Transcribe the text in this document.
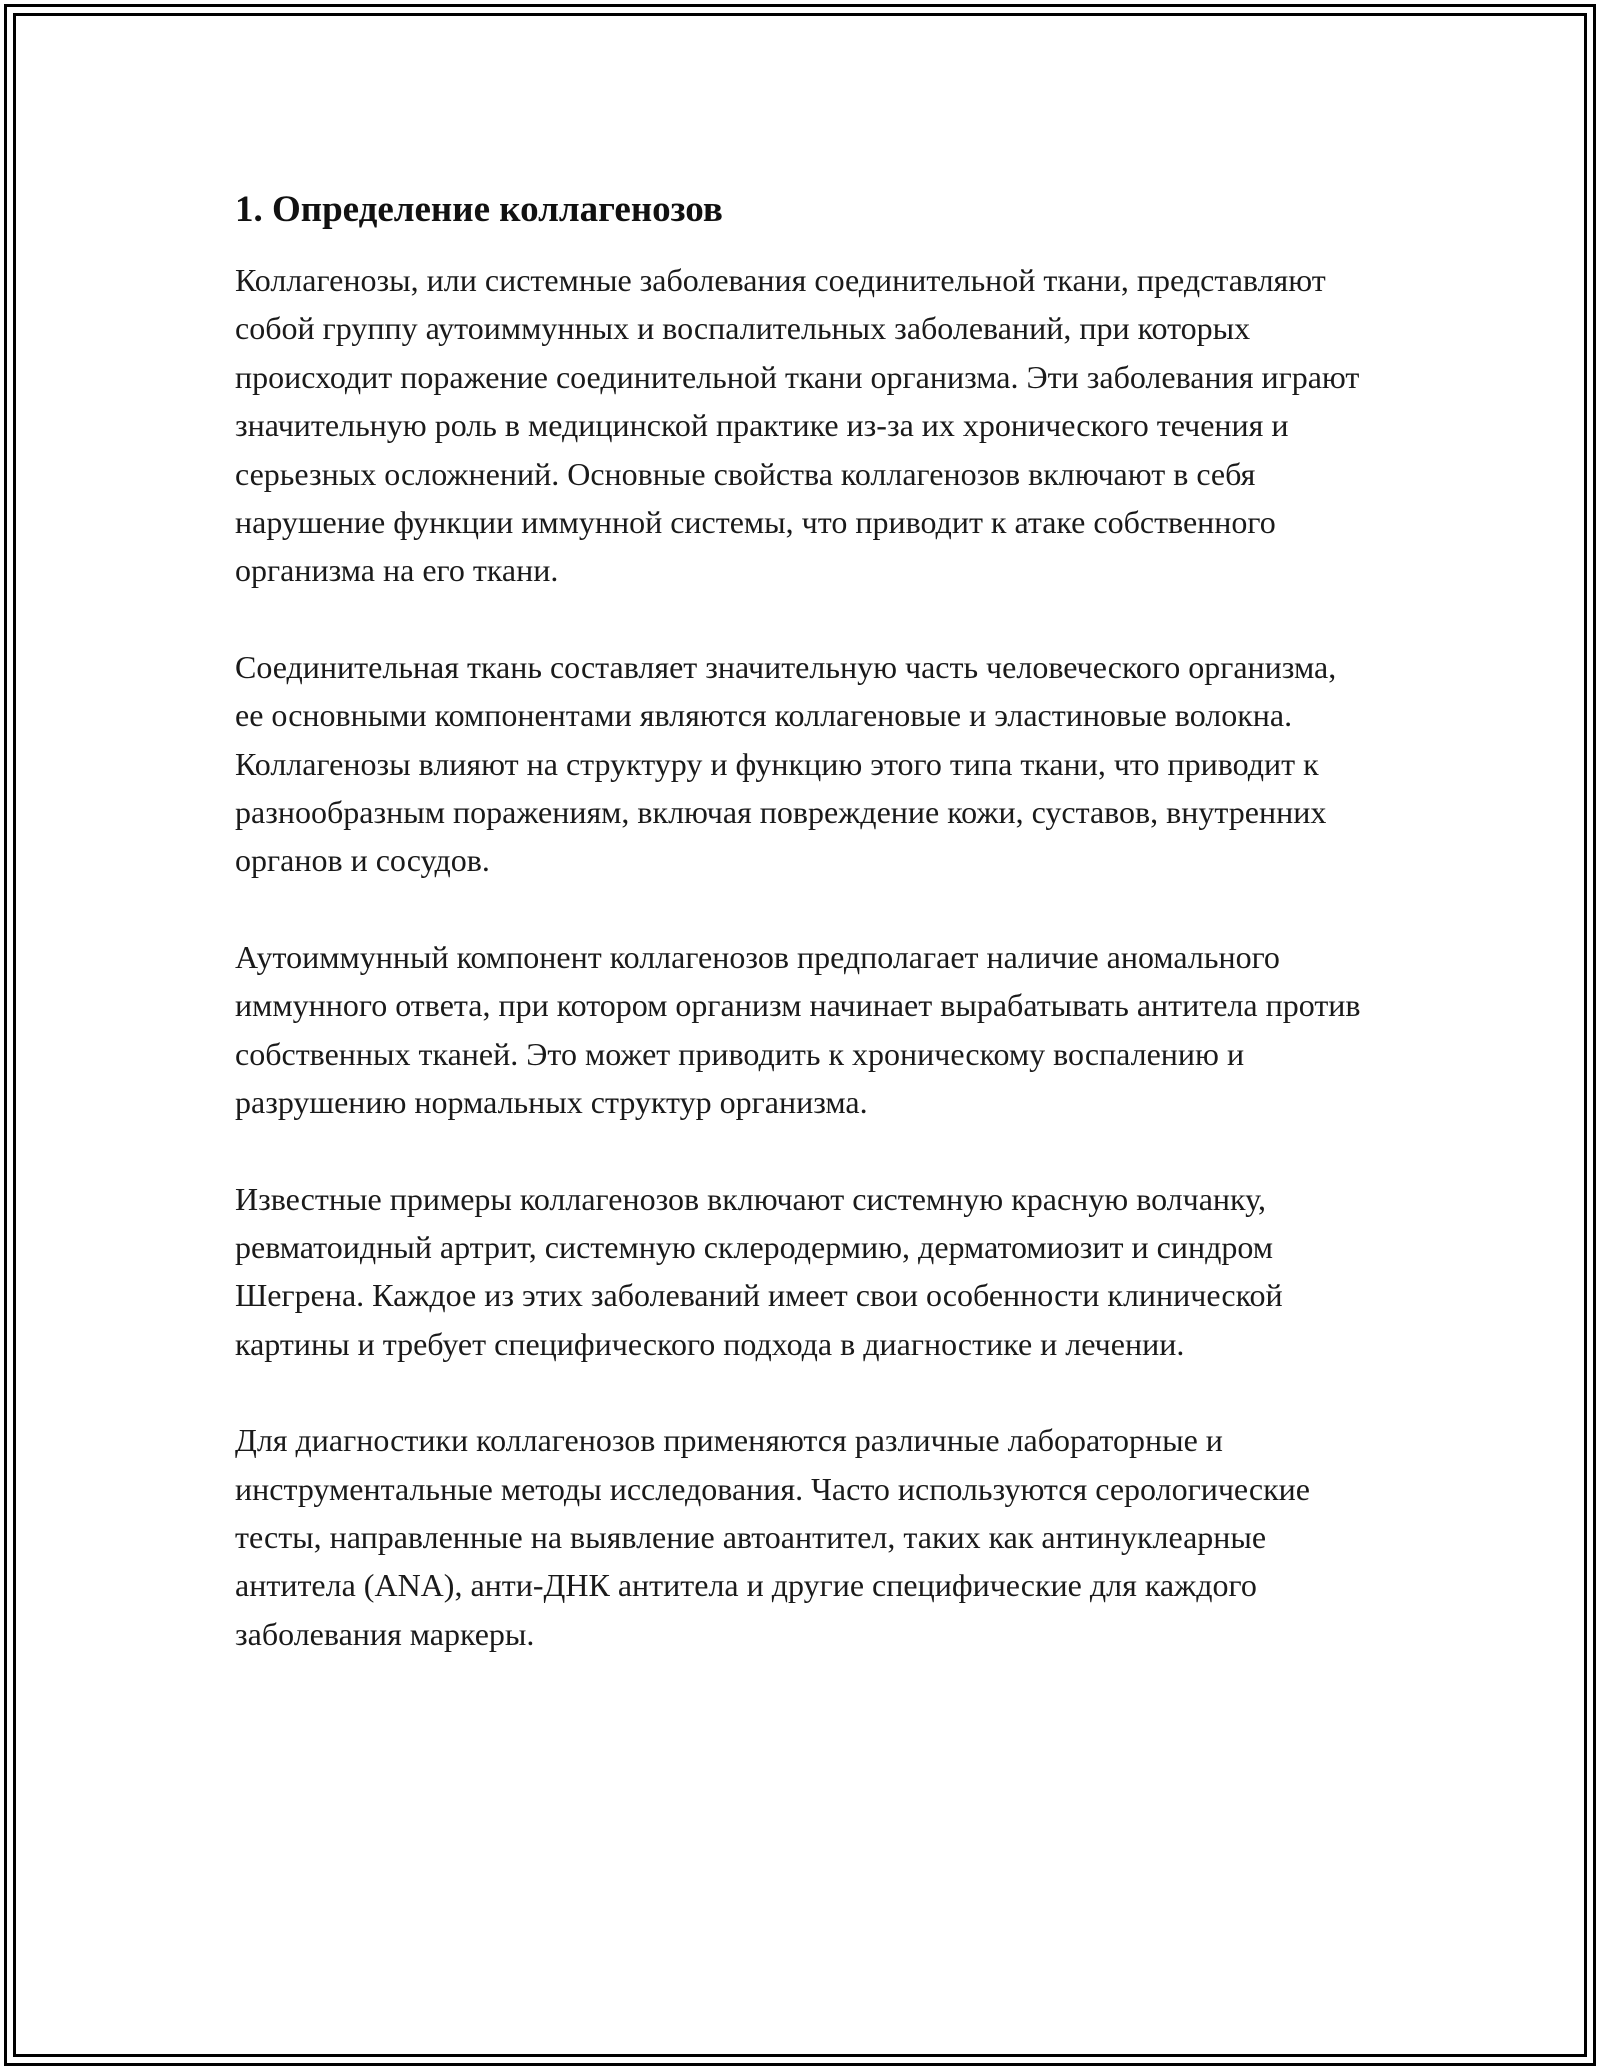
1. Определение коллагенозов

Коллагенозы, или системные заболевания соединительной ткани, представляют собой группу аутоиммунных и воспалительных заболеваний, при которых происходит поражение соединительной ткани организма. Эти заболевания играют значительную роль в медицинской практике из-за их хронического течения и серьезных осложнений. Основные свойства коллагенозов включают в себя нарушение функции иммунной системы, что приводит к атаке собственного организма на его ткани.

Соединительная ткань составляет значительную часть человеческого организма, ее основными компонентами являются коллагеновые и эластиновые волокна. Коллагенозы влияют на структуру и функцию этого типа ткани, что приводит к разнообразным поражениям, включая повреждение кожи, суставов, внутренних органов и сосудов.

Аутоиммунный компонент коллагенозов предполагает наличие аномального иммунного ответа, при котором организм начинает вырабатывать антитела против собственных тканей. Это может приводить к хроническому воспалению и разрушению нормальных структур организма.

Известные примеры коллагенозов включают системную красную волчанку, ревматоидный артрит, системную склеродермию, дерматомиозит и синдром Шегрена. Каждое из этих заболеваний имеет свои особенности клинической картины и требует специфического подхода в диагностике и лечении.

Для диагностики коллагенозов применяются различные лабораторные и инструментальные методы исследования. Часто используются серологические тесты, направленные на выявление автоантител, таких как антинуклеарные антитела (ANA), анти-ДНК антитела и другие специфические для каждого заболевания маркеры.
